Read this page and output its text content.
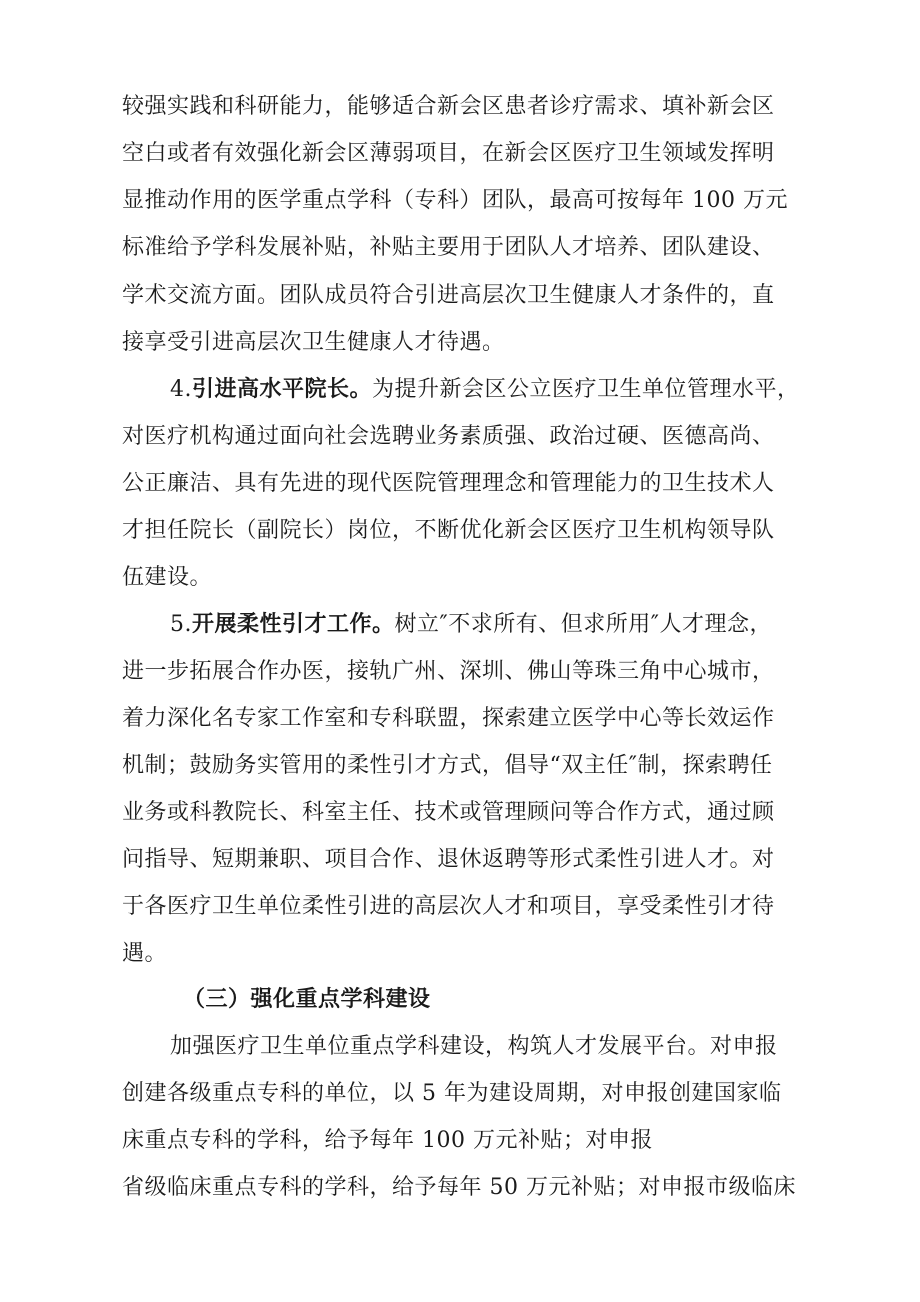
较强实践和科研能力，能够适合新会区患者诊疗需求、填补新会区
空白或者有效强化新会区薄弱项目，在新会区医疗卫生领域发挥明
显推动作用的医学重点学科（专科）团队，最高可按每年 100 万元
标准给予学科发展补贴，补贴主要用于团队人才培养、团队建设、
学术交流方面。团队成员符合引进高层次卫生健康人才条件的，直
接享受引进高层次卫生健康人才待遇。
4.引进高水平院长。为提升新会区公立医疗卫生单位管理水平，
对医疗机构通过面向社会选聘业务素质强、政治过硬、医德高尚、
公正廉洁、具有先进的现代医院管理理念和管理能力的卫生技术人
才担任院长（副院长）岗位，不断优化新会区医疗卫生机构领导队
伍建设。
5.开展柔性引才工作。树立″不求所有、但求所用″人才理念，
进一步拓展合作办医，接轨广州、深圳、佛山等珠三角中心城市，
着力深化名专家工作室和专科联盟，探索建立医学中心等长效运作
机制；鼓励务实管用的柔性引才方式，倡导“双主任″制，探索聘任
业务或科教院长、科室主任、技术或管理顾问等合作方式，通过顾
问指导、短期兼职、项目合作、退休返聘等形式柔性引进人才。对
于各医疗卫生单位柔性引进的高层次人才和项目，享受柔性引才待
遇。
（三）强化重点学科建设
加强医疗卫生单位重点学科建设，构筑人才发展平台。对申报
创建各级重点专科的单位，以 5 年为建设周期，对申报创建国家临
床重点专科的学科，给予每年 100 万元补贴；对申报
省级临床重点专科的学科，给予每年 50 万元补贴；对申报市级临床
